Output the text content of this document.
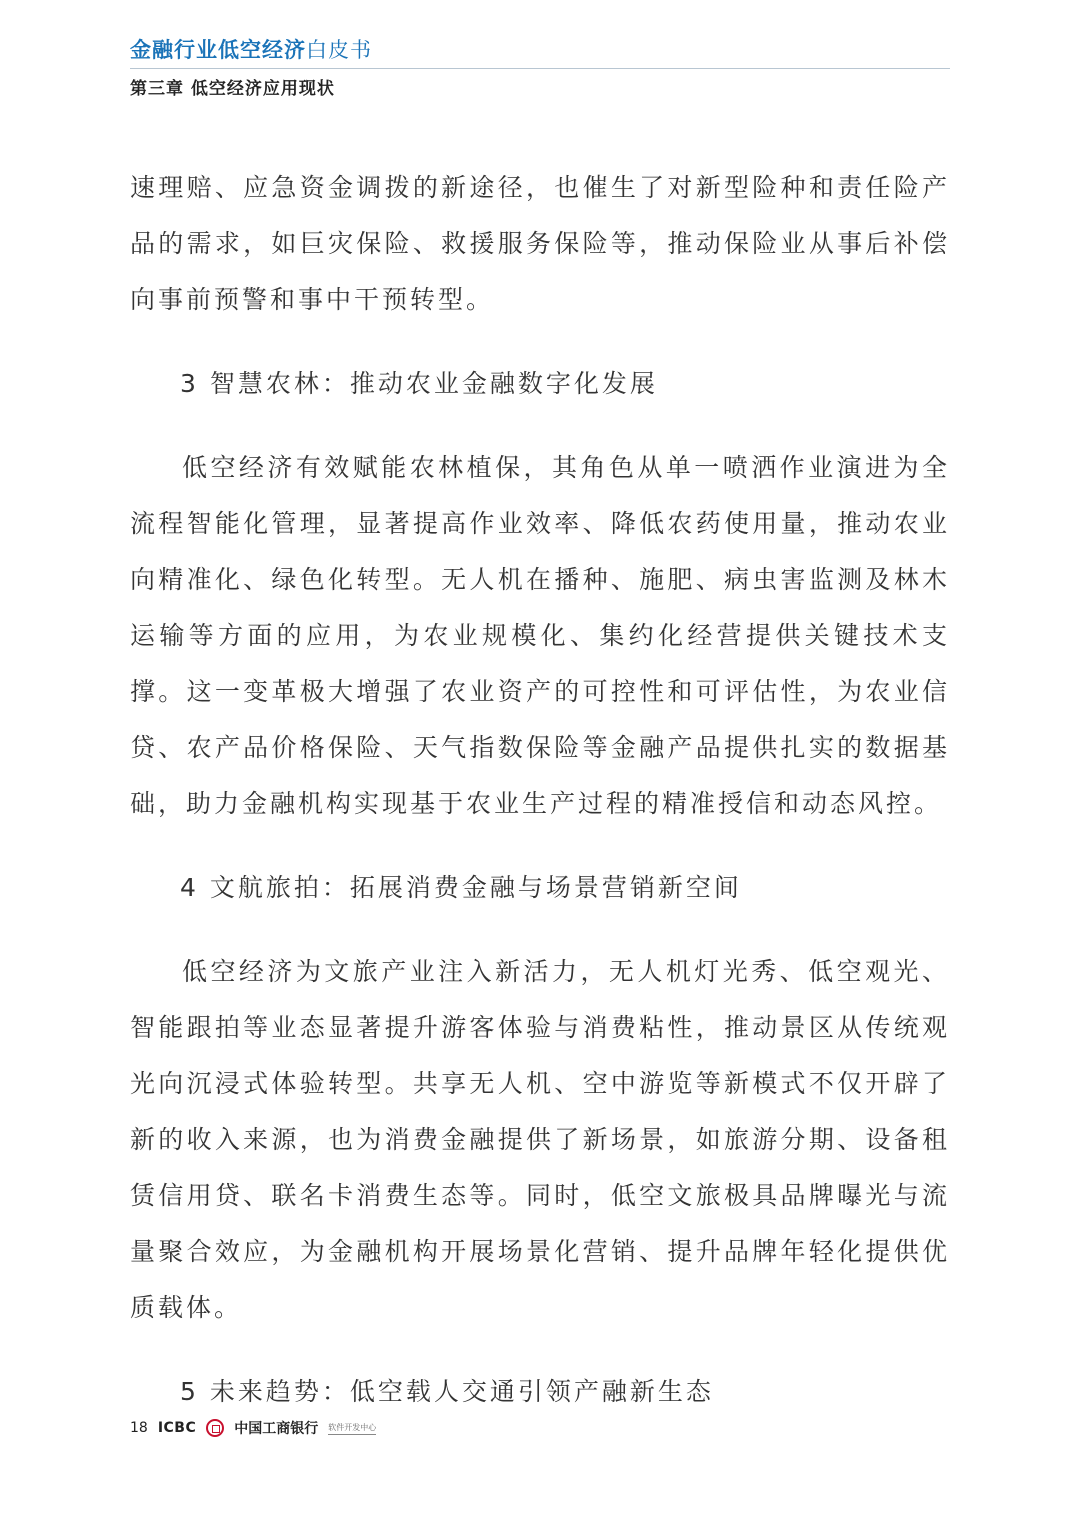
金融行业低空经济白皮书
第三章 低空经济应用现状

速理赔、应急资金调拨的新途径，也催生了对新型险种和责任险产品的需求，如巨灾保险、救援服务保险等，推动保险业从事后补偿向事前预警和事中干预转型。

3 智慧农林：推动农业金融数字化发展

低空经济有效赋能农林植保，其角色从单一喷洒作业演进为全流程智能化管理，显著提高作业效率、降低农药使用量，推动农业向精准化、绿色化转型。无人机在播种、施肥、病虫害监测及林木运输等方面的应用，为农业规模化、集约化经营提供关键技术支撑。这一变革极大增强了农业资产的可控性和可评估性，为农业信贷、农产品价格保险、天气指数保险等金融产品提供扎实的数据基础，助力金融机构实现基于农业生产过程的精准授信和动态风控。

4 文航旅拍：拓展消费金融与场景营销新空间

低空经济为文旅产业注入新活力，无人机灯光秀、低空观光、智能跟拍等业态显著提升游客体验与消费粘性，推动景区从传统观光向沉浸式体验转型。共享无人机、空中游览等新模式不仅开辟了新的收入来源，也为消费金融提供了新场景，如旅游分期、设备租赁信用贷、联名卡消费生态等。同时，低空文旅极具品牌曝光与流量聚合效应，为金融机构开展场景化营销、提升品牌年轻化提供优质载体。

5 未来趋势：低空载人交通引领产融新生态
18 ICBC	中国工商银行 软件开发中心
